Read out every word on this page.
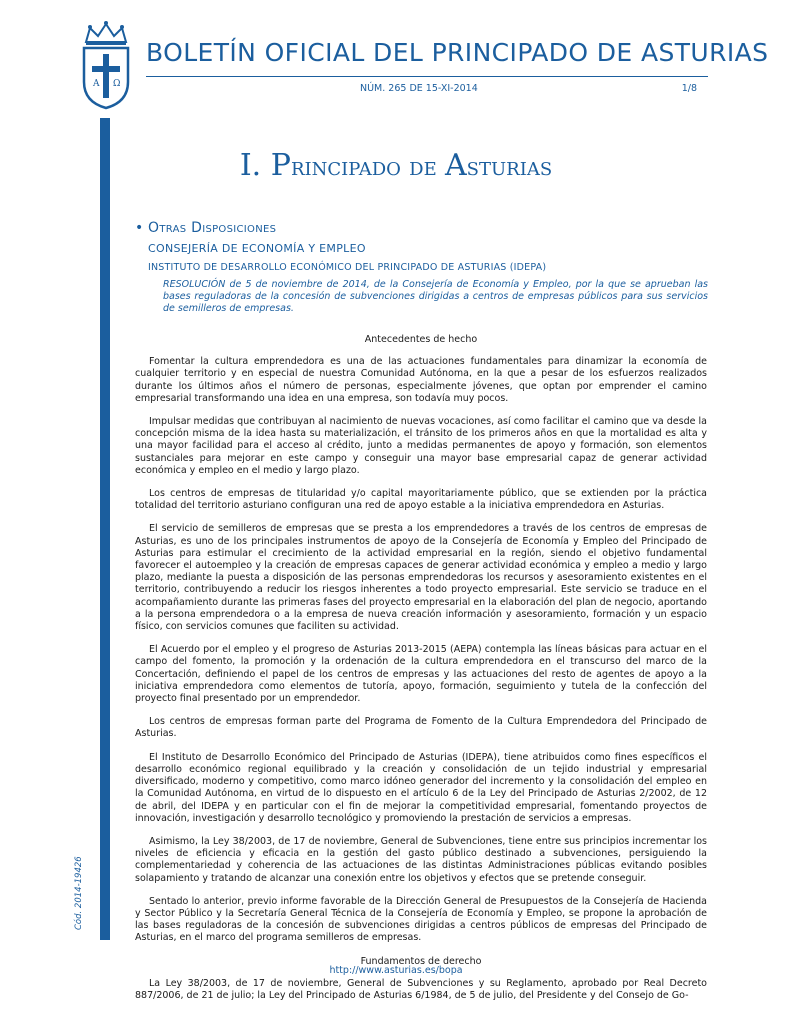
A Ω
BOLETÍN OFICIAL DEL PRINCIPADO DE ASTURIAS
NÚM. 265 DE 15-XI-2014	1/8
Cód. 2014-19426
I. Principado de Asturias
• Otras Disposiciones
CONSEJERÍA DE ECONOMÍA Y EMPLEO
INSTITUTO DE DESARROLLO ECONÓMICO DEL PRINCIPADO DE ASTURIAS (IDEPA)
RESOLUCIÓN de 5 de noviembre de 2014, de la Consejería de Economía y Empleo, por la que se aprueban las bases reguladoras de la concesión de subvenciones dirigidas a centros de empresas públicos para sus servicios de semilleros de empresas.
Antecedentes de hecho
Fomentar la cultura emprendedora es una de las actuaciones fundamentales para dinamizar la economía de cualquier territorio y en especial de nuestra Comunidad Autónoma, en la que a pesar de los esfuerzos realizados durante los últimos años el número de personas, especialmente jóvenes, que optan por emprender el camino empresarial transformando una idea en una empresa, son todavía muy pocos.
Impulsar medidas que contribuyan al nacimiento de nuevas vocaciones, así como facilitar el camino que va desde la concepción misma de la idea hasta su materialización, el tránsito de los primeros años en que la mortalidad es alta y una mayor facilidad para el acceso al crédito, junto a medidas permanentes de apoyo y formación, son elementos sustanciales para mejorar en este campo y conseguir una mayor base empresarial capaz de generar actividad económica y empleo en el medio y largo plazo.
Los centros de empresas de titularidad y/o capital mayoritariamente público, que se extienden por la práctica totalidad del territorio asturiano configuran una red de apoyo estable a la iniciativa emprendedora en Asturias.
El servicio de semilleros de empresas que se presta a los emprendedores a través de los centros de empresas de Asturias, es uno de los principales instrumentos de apoyo de la Consejería de Economía y Empleo del Principado de Asturias para estimular el crecimiento de la actividad empresarial en la región, siendo el objetivo fundamental favorecer el autoempleo y la creación de empresas capaces de generar actividad económica y empleo a medio y largo plazo, mediante la puesta a disposición de las personas emprendedoras los recursos y asesoramiento existentes en el territorio, contribuyendo a reducir los riesgos inherentes a todo proyecto empresarial. Este servicio se traduce en el acompañamiento durante las primeras fases del proyecto empresarial en la elaboración del plan de negocio, aportando a la persona emprendedora o a la empresa de nueva creación información y asesoramiento, formación y un espacio físico, con servicios comunes que faciliten su actividad.
El Acuerdo por el empleo y el progreso de Asturias 2013-2015 (AEPA) contempla las líneas básicas para actuar en el campo del fomento, la promoción y la ordenación de la cultura emprendedora en el transcurso del marco de la Concertación, definiendo el papel de los centros de empresas y las actuaciones del resto de agentes de apoyo a la iniciativa emprendedora como elementos de tutoría, apoyo, formación, seguimiento y tutela de la confección del proyecto final presentado por un emprendedor.
Los centros de empresas forman parte del Programa de Fomento de la Cultura Emprendedora del Principado de Asturias.
El Instituto de Desarrollo Económico del Principado de Asturias (IDEPA), tiene atribuidos como fines específicos el desarrollo económico regional equilibrado y la creación y consolidación de un tejido industrial y empresarial diversificado, moderno y competitivo, como marco idóneo generador del incremento y la consolidación del empleo en la Comunidad Autónoma, en virtud de lo dispuesto en el artículo 6 de la Ley del Principado de Asturias 2/2002, de 12 de abril, del IDEPA y en particular con el fin de mejorar la competitividad empresarial, fomentando proyectos de innovación, investigación y desarrollo tecnológico y promoviendo la prestación de servicios a empresas.
Asimismo, la Ley 38/2003, de 17 de noviembre, General de Subvenciones, tiene entre sus principios incrementar los niveles de eficiencia y eficacia en la gestión del gasto público destinado a subvenciones, persiguiendo la complementariedad y coherencia de las actuaciones de las distintas Administraciones públicas evitando posibles solapamiento y tratando de alcanzar una conexión entre los objetivos y efectos que se pretende conseguir.
Sentado lo anterior, previo informe favorable de la Dirección General de Presupuestos de la Consejería de Hacienda y Sector Público y la Secretaría General Técnica de la Consejería de Economía y Empleo, se propone la aprobación de las bases reguladoras de la concesión de subvenciones dirigidas a centros públicos de empresas del Principado de Asturias, en el marco del programa semilleros de empresas.
Fundamentos de derecho
La Ley 38/2003, de 17 de noviembre, General de Subvenciones y su Reglamento, aprobado por Real Decreto 887/2006, de 21 de julio; la Ley del Principado de Asturias 6/1984, de 5 de julio, del Presidente y del Consejo de Go-
http://www.asturias.es/bopa
